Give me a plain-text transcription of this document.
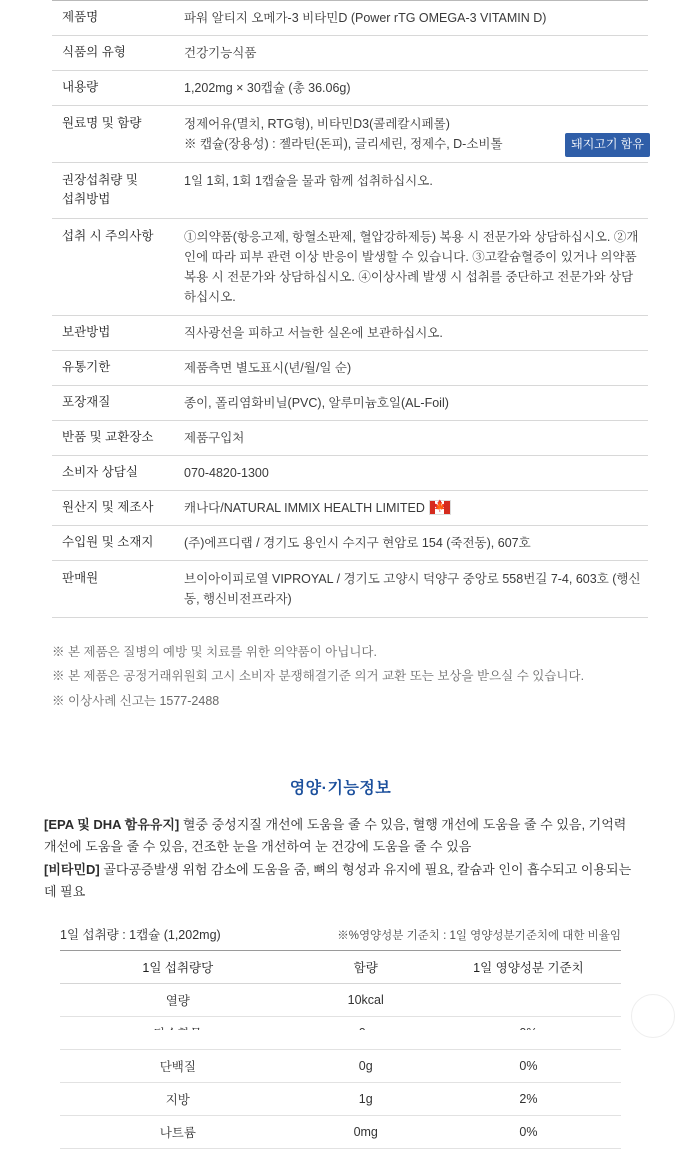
제품명	파워 알티지 오메가-3 비타민D (Power rTG OMEGA-3 VITAMIN D)
식품의 유형	건강기능식품
내용량	1,202mg × 30캡슐 (총 36.06g)
원료명 및 함량	정제어유(멸치, RTG형), 비타민D3(콜레칼시페롤)
※ 캡슐(장용성) : 젤라틴(돈피), 글리세린, 정제수, D-소비톨 돼지고기 함유

권장섭취량 및
섭취방법	1일 1회, 1회 1캡슐을 물과 함께 섭취하십시오.
섭취 시 주의사항	①의약품(항응고제, 항혈소판제, 혈압강하제등) 복용 시 전문가와 상담하십시오. ②개인에 따라 피부 관련 이상 반응이 발생할 수 있습니다. ③고칼슘혈증이 있거나 의약품 복용 시 전문가와 상담하십시오. ④이상사례 발생 시 섭취를 중단하고 전문가와 상담하십시오.
보관방법	직사광선을 피하고 서늘한 실온에 보관하십시오.
유통기한	제품측면 별도표시(년/월/일 순)
포장재질	종이, 폴리염화비닐(PVC), 알루미늄호일(AL-Foil)
반품 및 교환장소	제품구입처
소비자 상담실	070-4820-1300
원산지 및 제조사	캐나다/NATURAL IMMIX HEALTH LIMITED 🍁

수입원 및 소재지	(주)에프디랩 / 경기도 용인시 수지구 현암로 154 (죽전동), 607호
판매원	브이아이피로열 VIPROYAL / 경기도 고양시 덕양구 중앙로 558번길 7-4, 603호 (행신동, 행신비전프라자)
※ 본 제품은 질병의 예방 및 치료를 위한 의약품이 아닙니다.
※ 본 제품은 공정거래위원회 고시 소비자 분쟁해결기준 의거 교환 또는 보상을 받으실 수 있습니다.
※ 이상사례 신고는 1577-2488
영양·기능정보
[EPA 및 DHA 함유유지] 혈중 중성지질 개선에 도움을 줄 수 있음, 혈행 개선에 도움을 줄 수 있음, 기억력 개선에 도움을 줄 수 있음, 건조한 눈을 개선하여 눈 건강에 도움을 줄 수 있음
[비타민D] 골다공증발생 위험 감소에 도움을 줌, 뼈의 형성과 유지에 필요, 칼슘과 인이 흡수되고 이용되는데 필요
1일 섭취량 : 1캡슐 (1,202mg)	※%영양성분 기준치 : 1일 영양성분기준치에 대한 비율임
1일 섭취량당	함량	1일 영양성분 기준치
열량	10kcal	

단백질	0g	0%
지방	1g	2%
나트륨	0mg	0%
